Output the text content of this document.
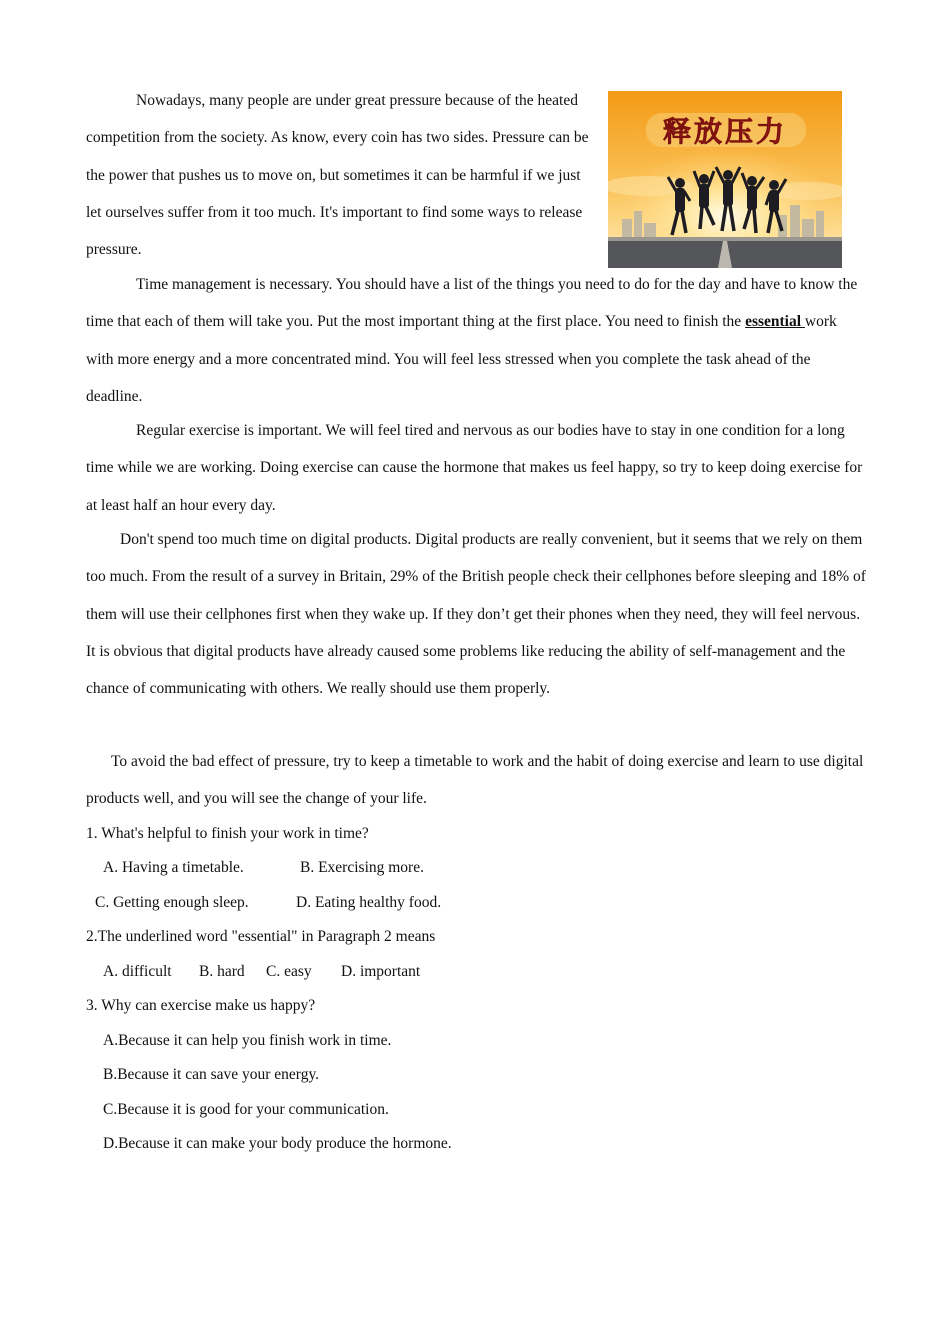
Nowadays, many people are under great pressure because of the heated competition from the society. As know, every coin has two sides. Pressure can be the power that pushes us to move on, but sometimes it can be harmful if we just let ourselves suffer from it too much. It's important to find some ways to release pressure.

释放压力

Time management is necessary. You should have a list of the things you need to do for the day and have to know the time that each of them will take you. Put the most important thing at the first place. You need to finish the essential work with more energy and a more concentrated mind. You will feel less stressed when you complete the task ahead of the deadline.

Regular exercise is important. We will feel tired and nervous as our bodies have to stay in one condition for a long time while we are working. Doing exercise can cause the hormone that makes us feel happy, so try to keep doing exercise for at least half an hour every day.

Don't spend too much time on digital products. Digital products are really convenient, but it seems that we rely on them too much. From the result of a survey in Britain, 29% of the British people check their cellphones before sleeping and 18% of them will use their cellphones first when they wake up. If they don’t get their phones when they need, they will feel nervous. It is obvious that digital products have already caused some problems like reducing the ability of self-management and the chance of communicating with others. We really should use them properly.

To avoid the bad effect of pressure, try to keep a timetable to work and the habit of doing exercise and learn to use digital products well, and you will see the change of your life.

1. What's helpful to finish your work in time?
A. Having a timetable.	B. Exercising more.
C. Getting enough sleep.	D. Eating healthy food.
2.The underlined word "essential" in Paragraph 2 means
A. difficult B. hard C. easy D. important
3. Why can exercise make us happy?
A.Because it can help you finish work in time.
B.Because it can save your energy.
C.Because it is good for your communication.
D.Because it can make your body produce the hormone.
